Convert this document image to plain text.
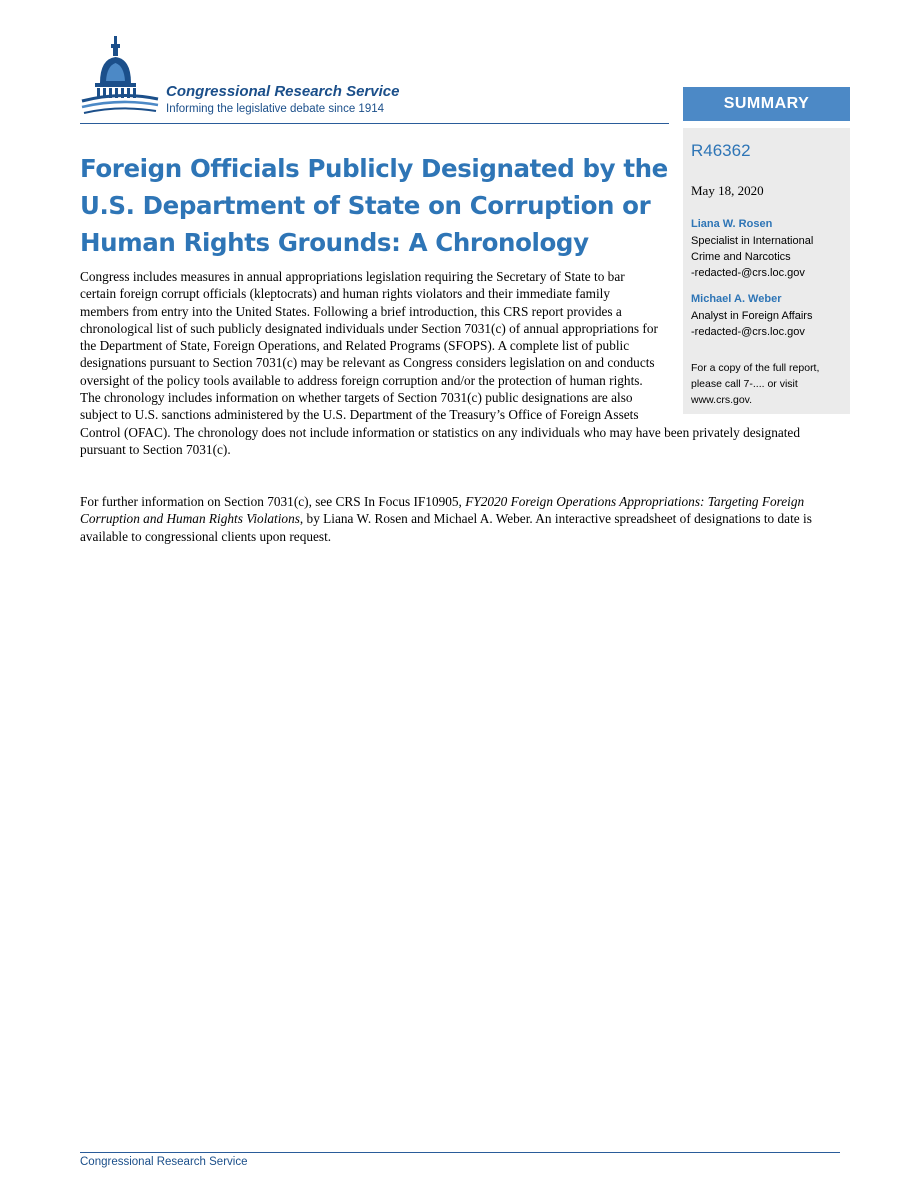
Congressional Research Service
Informing the legislative debate since 1914	SUMMARY
R46362
May 18, 2020
Liana W. Rosen
Specialist in International
Crime and Narcotics
-redacted-@crs.loc.gov
Michael A. Weber
Analyst in Foreign Affairs
-redacted-@crs.loc.gov
For a copy of the full report, please call 7-.... or visit www.crs.gov.
Foreign Officials Publicly Designated by the U.S. Department of State on Corruption or Human Rights Grounds: A Chronology

Congress includes measures in annual appropriations legislation requiring the Secretary of State to bar certain foreign corrupt officials (kleptocrats) and human rights violators and their immediate family members from entry into the United States. Following a brief introduction, this CRS report provides a chronological list of such publicly designated individuals under Section 7031(c) of annual appropriations for the Department of State, Foreign Operations, and Related Programs (SFOPS). A complete list of public designations pursuant to Section 7031(c) may be relevant as Congress considers legislation on and conducts oversight of the policy tools available to address foreign corruption and/or the protection of human rights. The chronology includes information on whether targets of Section 7031(c) public designations are also subject to U.S. sanctions administered by the U.S. Department of the Treasury’s Office of Foreign Assets Control (OFAC). The chronology does not include information or statistics on any individuals who may have been privately designated pursuant to Section 7031(c).

For further information on Section 7031(c), see CRS In Focus IF10905, FY2020 Foreign Operations Appropriations: Targeting Foreign Corruption and Human Rights Violations, by Liana W. Rosen and Michael A. Weber. An interactive spreadsheet of designations to date is available to congressional clients upon request.

Congressional Research Service
